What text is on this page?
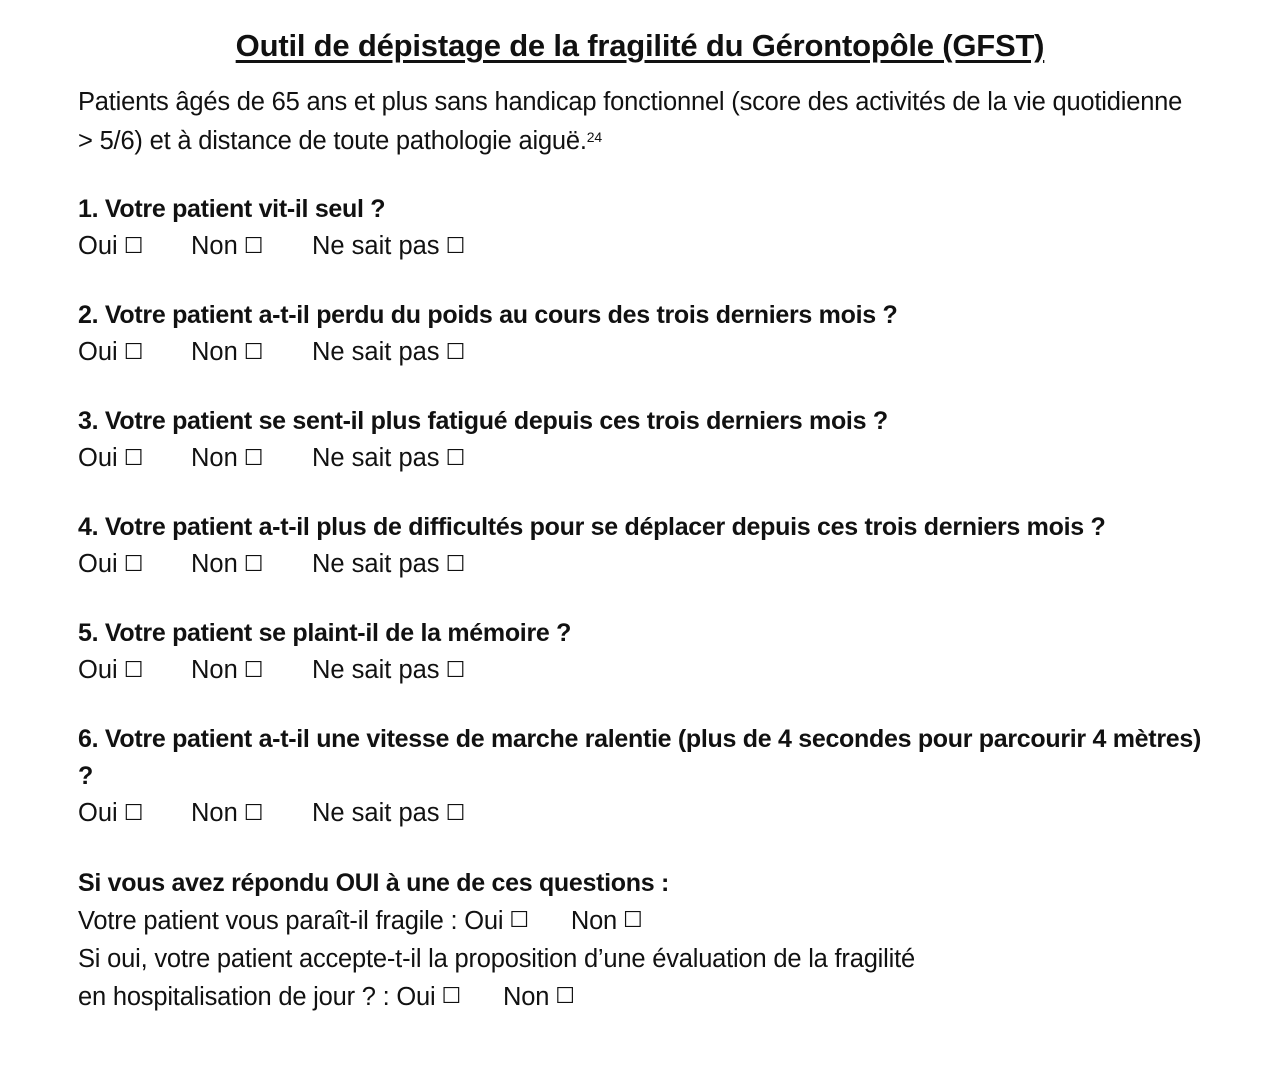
Outil de dépistage de la fragilité du Gérontopôle (GFST)
Patients âgés de 65 ans et plus sans handicap fonctionnel (score des activités de la vie quotidienne > 5/6) et à distance de toute pathologie aiguë.$^{24}$
1. Votre patient vit-il seul ?
Oui ☐ Non ☐ Ne sait pas ☐
2. Votre patient a-t-il perdu du poids au cours des trois derniers mois ?
Oui ☐ Non ☐ Ne sait pas ☐
3. Votre patient se sent-il plus fatigué depuis ces trois derniers mois ?
Oui ☐ Non ☐ Ne sait pas ☐
4. Votre patient a-t-il plus de difficultés pour se déplacer depuis ces trois derniers mois ?
Oui ☐ Non ☐ Ne sait pas ☐
5. Votre patient se plaint-il de la mémoire ?
Oui ☐ Non ☐ Ne sait pas ☐
6. Votre patient a-t-il une vitesse de marche ralentie (plus de 4 secondes pour parcourir 4 mètres) ?
Oui ☐ Non ☐ Ne sait pas ☐
Si vous avez répondu OUI à une de ces questions :
Votre patient vous paraît-il fragile : Oui ☐ Non ☐
Si oui, votre patient accepte-t-il la proposition d’une évaluation de la fragilité
en hospitalisation de jour ? : Oui ☐ Non ☐
